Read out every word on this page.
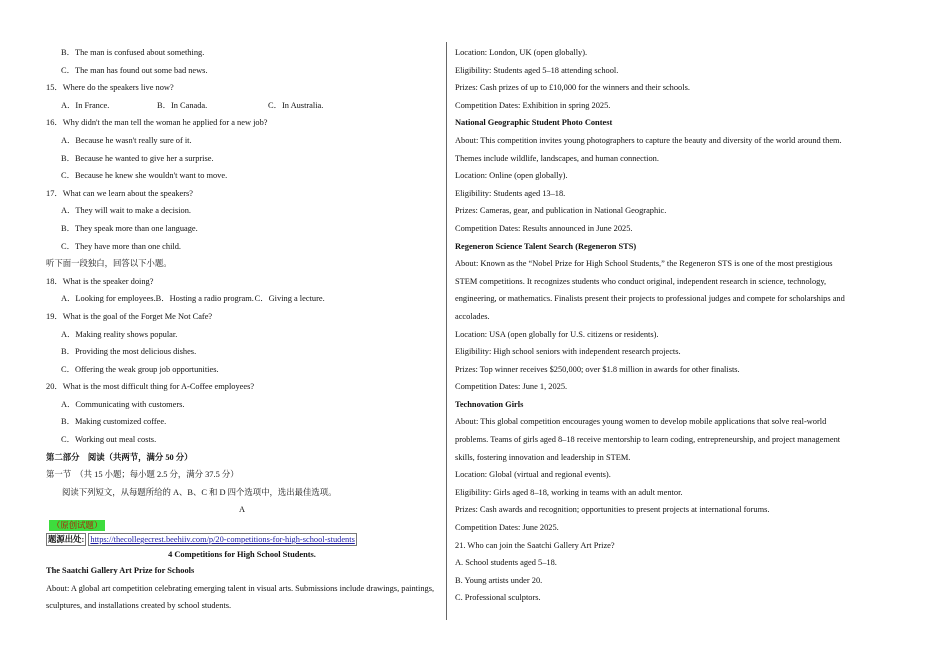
B．The man is confused about something.
C．The man has found out some bad news.
15．Where do the speakers live now?
A．In France.	B．In Canada.	C．In Australia.
16．Why didn't the man tell the woman he applied for a new job?
A．Because he wasn't really sure of it.
B．Because he wanted to give her a surprise.
C．Because he knew she wouldn't want to move.
17．What can we learn about the speakers?
A．They will wait to make a decision.
B．They speak more than one language.
C．They have more than one child.
听下面一段独白，回答以下小题。
18．What is the speaker doing?
A．Looking for employees.B．Hosting a radio program.C．Giving a lecture.
19．What is the goal of the Forget Me Not Cafe?
A．Making reality shows popular.
B．Providing the most delicious dishes.
C．Offering the weak group job opportunities.
20．What is the most difficult thing for A-Coffee employees?
A．Communicating with customers.
B．Making customized coffee.
C．Working out meal costs.
第二部分　阅读（共两节，满分 50 分）
第一节　（共 15 小题；每小题 2.5 分，满分 37.5 分）
阅读下列短文，从每题所给的 A、B、C 和 D 四个选项中，选出最佳选项。
A
（原创试题）
题源出处: https://thecollegecrest.beehiiv.com/p/20-competitions-for-high-school-students
4 Competitions for High School Students.
The Saatchi Gallery Art Prize for Schools
About: A global art competition celebrating emerging talent in visual arts. Submissions include drawings, paintings,
sculptures, and installations created by school students.
Location: London, UK (open globally).
Eligibility: Students aged 5–18 attending school.
Prizes: Cash prizes of up to £10,000 for the winners and their schools.
Competition Dates: Exhibition in spring 2025.
National Geographic Student Photo Contest
About: This competition invites young photographers to capture the beauty and diversity of the world around them.
Themes include wildlife, landscapes, and human connection.
Location: Online (open globally).
Eligibility: Students aged 13–18.
Prizes: Cameras, gear, and publication in National Geographic.
Competition Dates: Results announced in June 2025.
Regeneron Science Talent Search (Regeneron STS)
About: Known as the “Nobel Prize for High School Students,” the Regeneron STS is one of the most prestigious
STEM competitions. It recognizes students who conduct original, independent research in science, technology,
engineering, or mathematics. Finalists present their projects to professional judges and compete for scholarships and
accolades.
Location: USA (open globally for U.S. citizens or residents).
Eligibility: High school seniors with independent research projects.
Prizes: Top winner receives $250,000; over $1.8 million in awards for other finalists.
Competition Dates: June 1, 2025.
Technovation Girls
About: This global competition encourages young women to develop mobile applications that solve real-world
problems. Teams of girls aged 8–18 receive mentorship to learn coding, entrepreneurship, and project management
skills, fostering innovation and leadership in STEM.
Location: Global (virtual and regional events).
Eligibility: Girls aged 8–18, working in teams with an adult mentor.
Prizes: Cash awards and recognition; opportunities to present projects at international forums.
Competition Dates: June 2025.
21. Who can join the Saatchi Gallery Art Prize?
A. School students aged 5–18.
B. Young artists under 20.
C. Professional sculptors.
